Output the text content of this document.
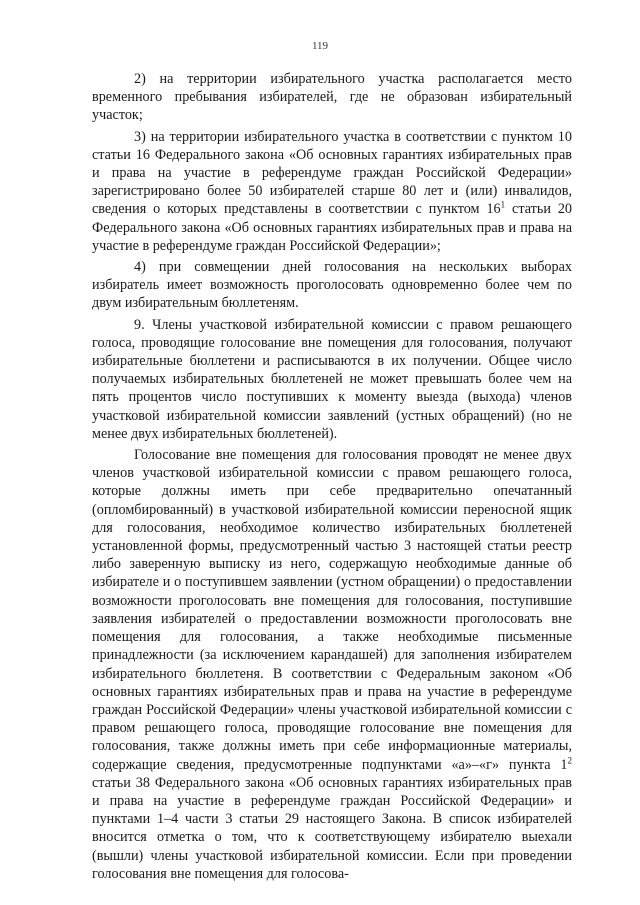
119

2) на территории избирательного участка располагается место временного пребывания избирателей, где не образован избирательный участок;

3) на территории избирательного участка в соответствии с пунктом 10 статьи 16 Федерального закона «Об основных гарантиях избирательных прав и права на участие в референдуме граждан Российской Федерации» зарегистрировано более 50 избирателей старше 80 лет и (или) инвалидов, сведения о которых представлены в соответствии с пунктом $16^1$ статьи 20 Федерального закона «Об основных гарантиях избирательных прав и права на участие в референдуме граждан Российской Федерации»;

4) при совмещении дней голосования на нескольких выборах избиратель имеет возможность проголосовать одновременно более чем по двум избирательным бюллетеням.

9. Члены участковой избирательной комиссии с правом решающего голоса, проводящие голосование вне помещения для голосования, получают избирательные бюллетени и расписываются в их получении. Общее число получаемых избирательных бюллетеней не может превышать более чем на пять процентов число поступивших к моменту выезда (выхода) членов участковой избирательной комиссии заявлений (устных обращений) (но не менее двух избирательных бюллетеней).

Голосование вне помещения для голосования проводят не менее двух членов участковой избирательной комиссии с правом решающего голоса, которые должны иметь при себе предварительно опечатанный (опломбированный) в участковой избирательной комиссии переносной ящик для голосования, необходимое количество избирательных бюллетеней установленной формы, предусмотренный частью 3 настоящей статьи реестр либо заверенную выписку из него, содержащую необходимые данные об избирателе и о поступившем заявлении (устном обращении) о предоставлении возможности проголосовать вне помещения для голосования, поступившие заявления избирателей о предоставлении возможности проголосовать вне помещения для голосования, а также необходимые письменные принадлежности (за исключением карандашей) для заполнения избирателем избирательного бюллетеня. В соответствии с Федеральным законом «Об основных гарантиях избирательных прав и права на участие в референдуме граждан Российской Федерации» члены участковой избирательной комиссии с правом решающего голоса, проводящие голосование вне помещения для голосования, также должны иметь при себе информационные материалы, содержащие сведения, предусмотренные подпунктами «а»–«г» пункта $1^2$ статьи 38 Федерального закона «Об основных гарантиях избирательных прав и права на участие в референдуме граждан Российской Федерации» и пунктами 1–4 части 3 статьи 29 настоящего Закона. В список избирателей вносится отметка о том, что к соответствующему избирателю выехали (вышли) члены участковой избирательной комиссии. Если при проведении голосования вне помещения для голосова-
